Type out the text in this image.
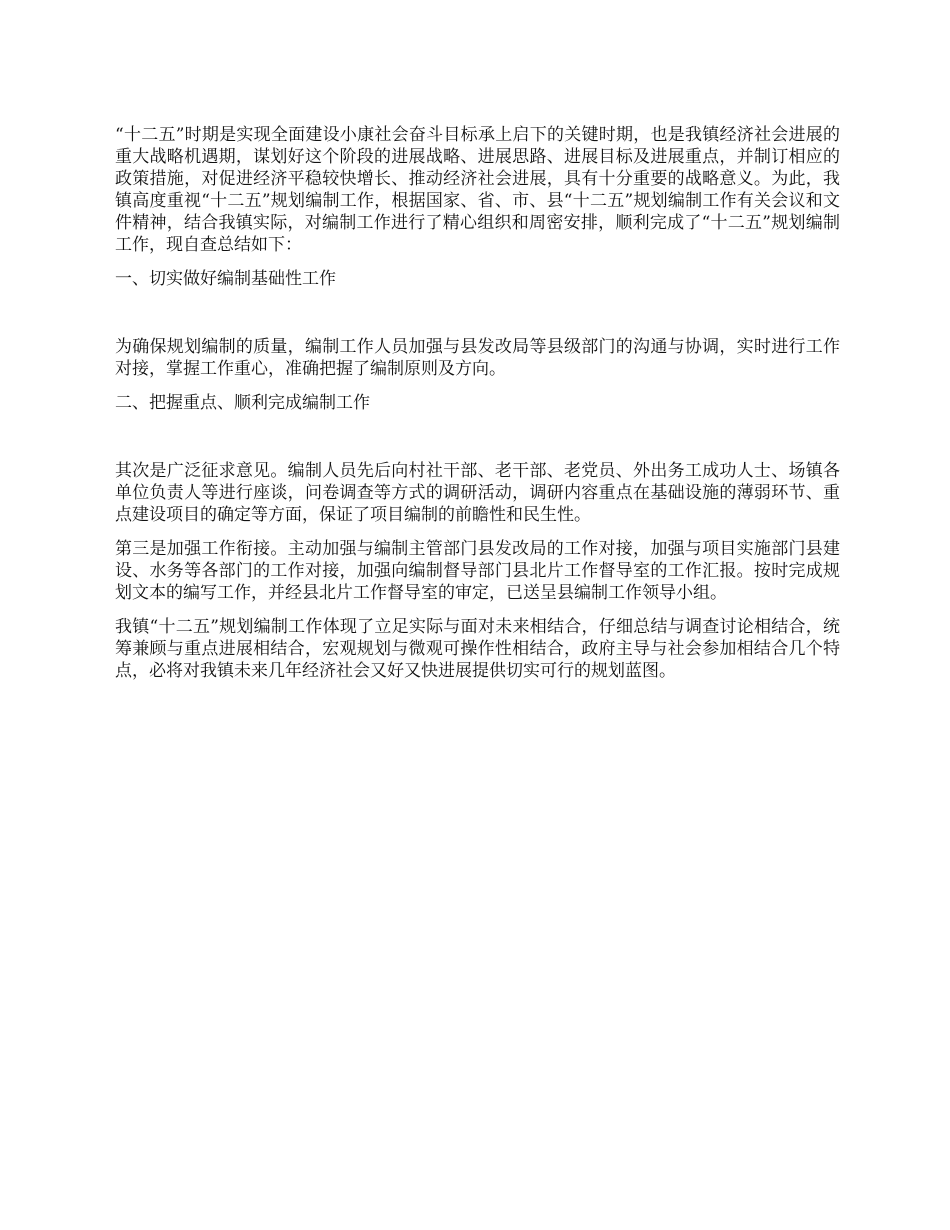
“十二五”时期是实现全面建设小康社会奋斗目标承上启下的关键时期，也是我镇经济社会进展的重大战略机遇期，谋划好这个阶段的进展战略、进展思路、进展目标及进展重点，并制订相应的政策措施，对促进经济平稳较快增长、推动经济社会进展，具有十分重要的战略意义。为此，我镇高度重视“十二五”规划编制工作，根据国家、省、市、县“十二五”规划编制工作有关会议和文件精神，结合我镇实际，对编制工作进行了精心组织和周密安排，顺利完成了“十二五”规划编制工作，现自查总结如下：

一、切实做好编制基础性工作

为确保规划编制的质量，编制工作人员加强与县发改局等县级部门的沟通与协调，实时进行工作对接，掌握工作重心，准确把握了编制原则及方向。

二、把握重点、顺利完成编制工作

其次是广泛征求意见。编制人员先后向村社干部、老干部、老党员、外出务工成功人士、场镇各单位负责人等进行座谈，问卷调查等方式的调研活动，调研内容重点在基础设施的薄弱环节、重点建设项目的确定等方面，保证了项目编制的前瞻性和民生性。

第三是加强工作衔接。主动加强与编制主管部门县发改局的工作对接，加强与项目实施部门县建设、水务等各部门的工作对接，加强向编制督导部门县北片工作督导室的工作汇报。按时完成规划文本的编写工作，并经县北片工作督导室的审定，已送呈县编制工作领导小组。

我镇“十二五”规划编制工作体现了立足实际与面对未来相结合，仔细总结与调查讨论相结合，统筹兼顾与重点进展相结合，宏观规划与微观可操作性相结合，政府主导与社会参加相结合几个特点，必将对我镇未来几年经济社会又好又快进展提供切实可行的规划蓝图。
